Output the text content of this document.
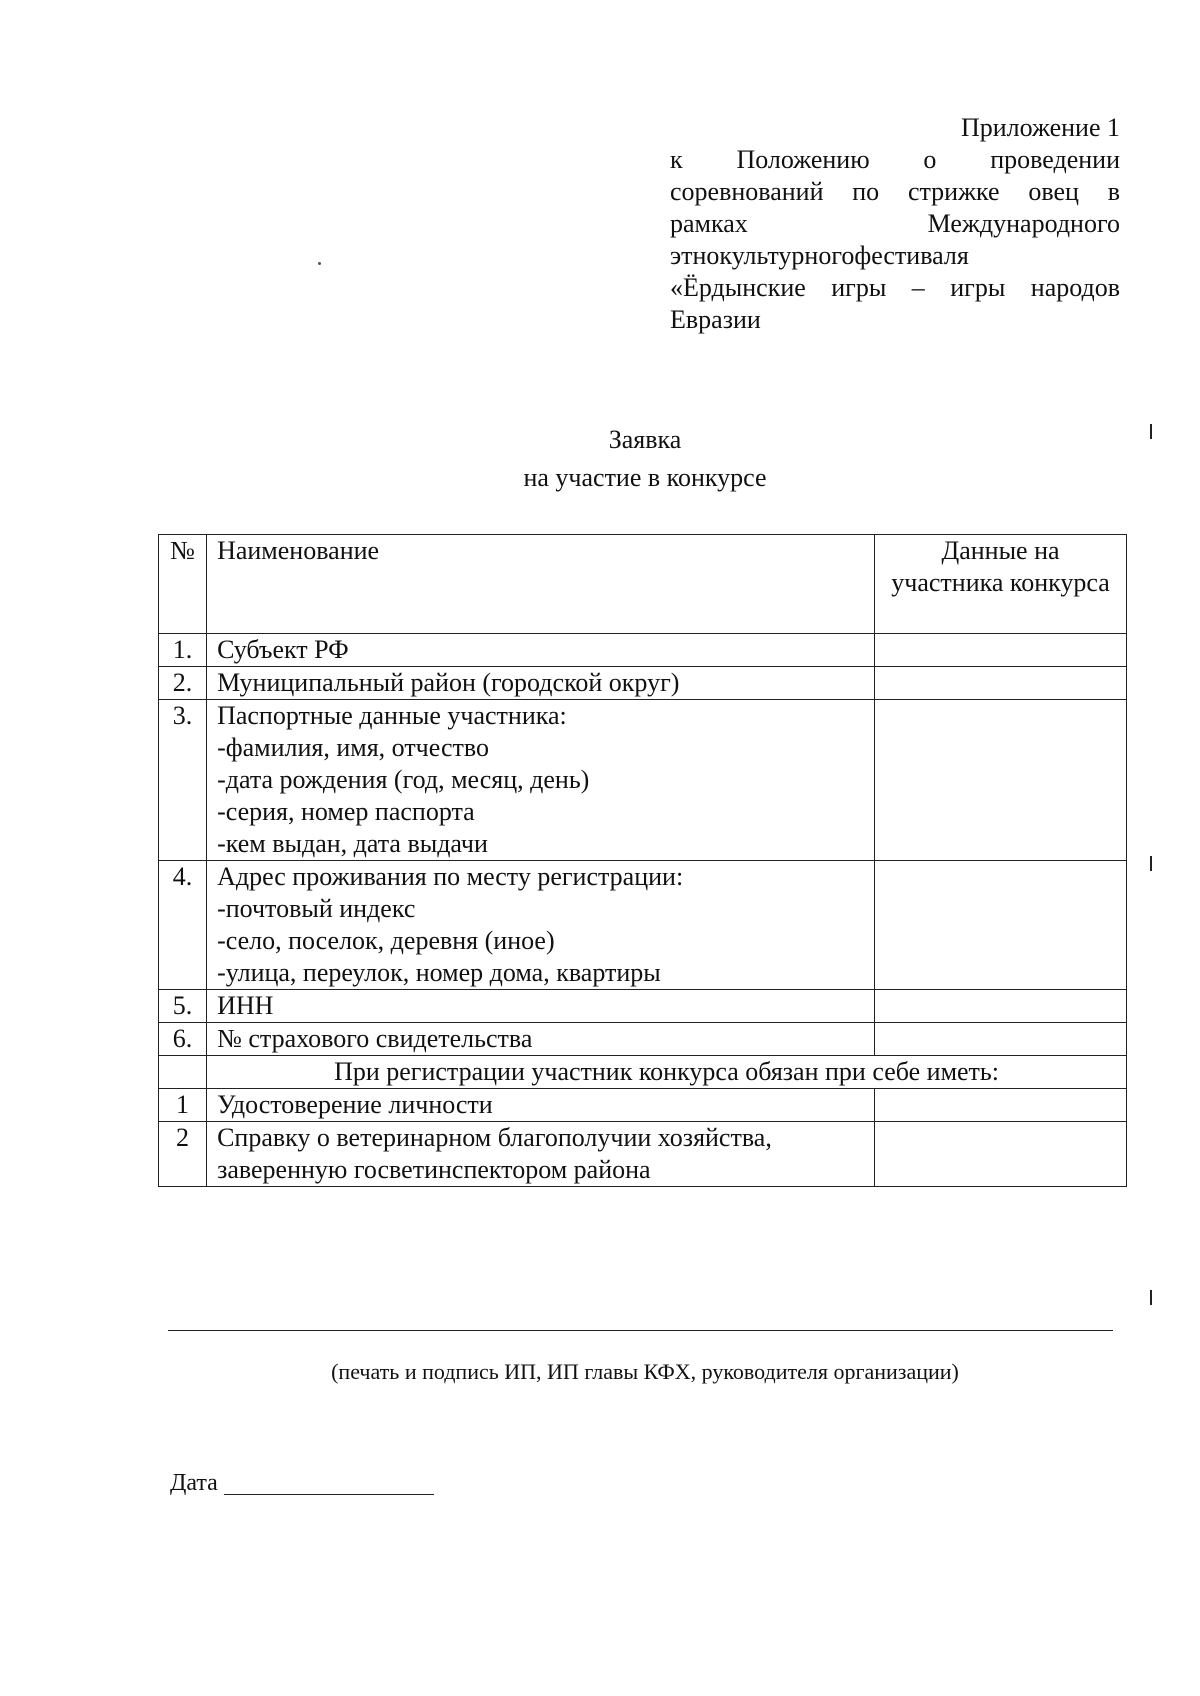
Приложение 1
к Положению о проведении
соревнований по стрижке овец в
рамках Международного
этнокультурногофестиваля
«Ёрдынские игры – игры народов
Евразии
Заявка
на участие в конкурсе
№	Наименование	Данные на участника конкурса
1.	Субъект РФ	

2.	Муниципальный район (городской округ)	

3.	Паспортные данные участника:
-фамилия, имя, отчество
-дата рождения (год, месяц, день)
-серия, номер паспорта
-кем выдан, дата выдачи	

4.	Адрес проживания по месту регистрации:
-почтовый индекс
-село, поселок, деревня (иное)
-улица, переулок, номер дома, квартиры	

5.	ИНН	

6.	№ страхового свидетельства	

	При регистрации участник конкурса обязан при себе иметь:	
1	Удостоверение личности	

2	Справку о ветеринарном благополучии хозяйства,
заверенную госветинспектором района	

(печать и подпись ИП, ИП главы КФХ, руководителя организации)
Дата
